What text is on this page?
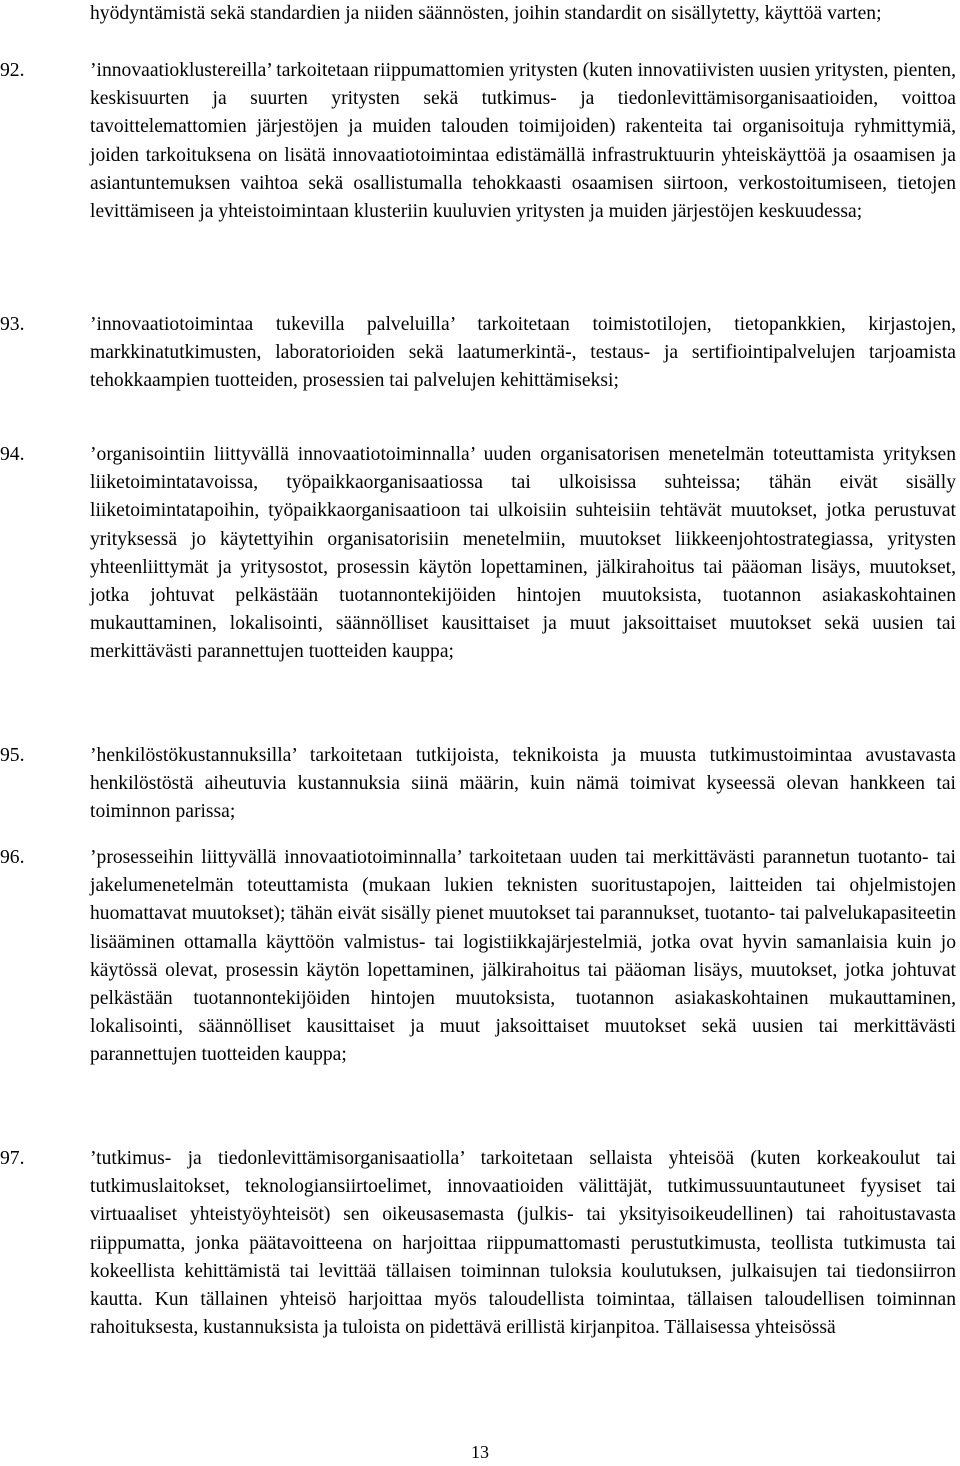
hyödyntämistä sekä standardien ja niiden säännösten, joihin standardit on sisällytetty, käyttöä varten;
92.	’innovaatioklustereilla’ tarkoitetaan riippumattomien yritysten (kuten innovatiivisten uusien yritysten, pienten, keskisuurten ja suurten yritysten sekä tutkimus- ja tiedonlevittämisorganisaatioiden, voittoa tavoittelemattomien järjestöjen ja muiden talouden toimijoiden) rakenteita tai organisoituja ryhmittymiä, joiden tarkoituksena on lisätä innovaatiotoimintaa edistämällä infrastruktuurin yhteiskäyttöä ja osaamisen ja asiantuntemuksen vaihtoa sekä osallistumalla tehokkaasti osaamisen siirtoon, verkostoitumiseen, tietojen levittämiseen ja yhteistoimintaan klusteriin kuuluvien yritysten ja muiden järjestöjen keskuudessa;
93.	’innovaatiotoimintaa tukevilla palveluilla’ tarkoitetaan toimistotilojen, tietopankkien, kirjastojen, markkinatutkimusten, laboratorioiden sekä laatumerkintä-, testaus- ja sertifiointipalvelujen tarjoamista tehokkaampien tuotteiden, prosessien tai palvelujen kehittämiseksi;
94.	’organisointiin liittyvällä innovaatiotoiminnalla’ uuden organisatorisen menetelmän toteuttamista yrityksen liiketoimintatavoissa, työpaikkaorganisaatiossa tai ulkoisissa suhteissa; tähän eivät sisälly liiketoimintatapoihin, työpaikkaorganisaatioon tai ulkoisiin suhteisiin tehtävät muutokset, jotka perustuvat yrityksessä jo käytettyihin organisatorisiin menetelmiin, muutokset liikkeenjohtostrategiassa, yritysten yhteenliittymät ja yritysostot, prosessin käytön lopettaminen, jälkirahoitus tai pääoman lisäys, muutokset, jotka johtuvat pelkästään tuotannontekijöiden hintojen muutoksista, tuotannon asiakaskohtainen mukauttaminen, lokalisointi, säännölliset kausittaiset ja muut jaksoittaiset muutokset sekä uusien tai merkittävästi parannettujen tuotteiden kauppa;
95.	’henkilöstökustannuksilla’ tarkoitetaan tutkijoista, teknikoista ja muusta tutkimustoimintaa avustavasta henkilöstöstä aiheutuvia kustannuksia siinä määrin, kuin nämä toimivat kyseessä olevan hankkeen tai toiminnon parissa;
96.	’prosesseihin liittyvällä innovaatiotoiminnalla’ tarkoitetaan uuden tai merkittävästi parannetun tuotanto- tai jakelumenetelmän toteuttamista (mukaan lukien teknisten suoritustapojen, laitteiden tai ohjelmistojen huomattavat muutokset); tähän eivät sisälly pienet muutokset tai parannukset, tuotanto- tai palvelukapasiteetin lisääminen ottamalla käyttöön valmistus- tai logistiikkajärjestelmiä, jotka ovat hyvin samanlaisia kuin jo käytössä olevat, prosessin käytön lopettaminen, jälkirahoitus tai pääoman lisäys, muutokset, jotka johtuvat pelkästään tuotannontekijöiden hintojen muutoksista, tuotannon asiakaskohtainen mukauttaminen, lokalisointi, säännölliset kausittaiset ja muut jaksoittaiset muutokset sekä uusien tai merkittävästi parannettujen tuotteiden kauppa;
97.	’tutkimus- ja tiedonlevittämisorganisaatiolla’ tarkoitetaan sellaista yhteisöä (kuten korkeakoulut tai tutkimuslaitokset, teknologiansiirtoelimet, innovaatioiden välittäjät, tutkimussuuntautuneet fyysiset tai virtuaaliset yhteistyöyhteisöt) sen oikeusasemasta (julkis- tai yksityisoikeudellinen) tai rahoitustavasta riippumatta, jonka päätavoitteena on harjoittaa riippumattomasti perustutkimusta, teollista tutkimusta tai kokeellista kehittämistä tai levittää tällaisen toiminnan tuloksia koulutuksen, julkaisujen tai tiedonsiirron kautta. Kun tällainen yhteisö harjoittaa myös taloudellista toimintaa, tällaisen taloudellisen toiminnan rahoituksesta, kustannuksista ja tuloista on pidettävä erillistä kirjanpitoa. Tällaisessa yhteisössä
13
